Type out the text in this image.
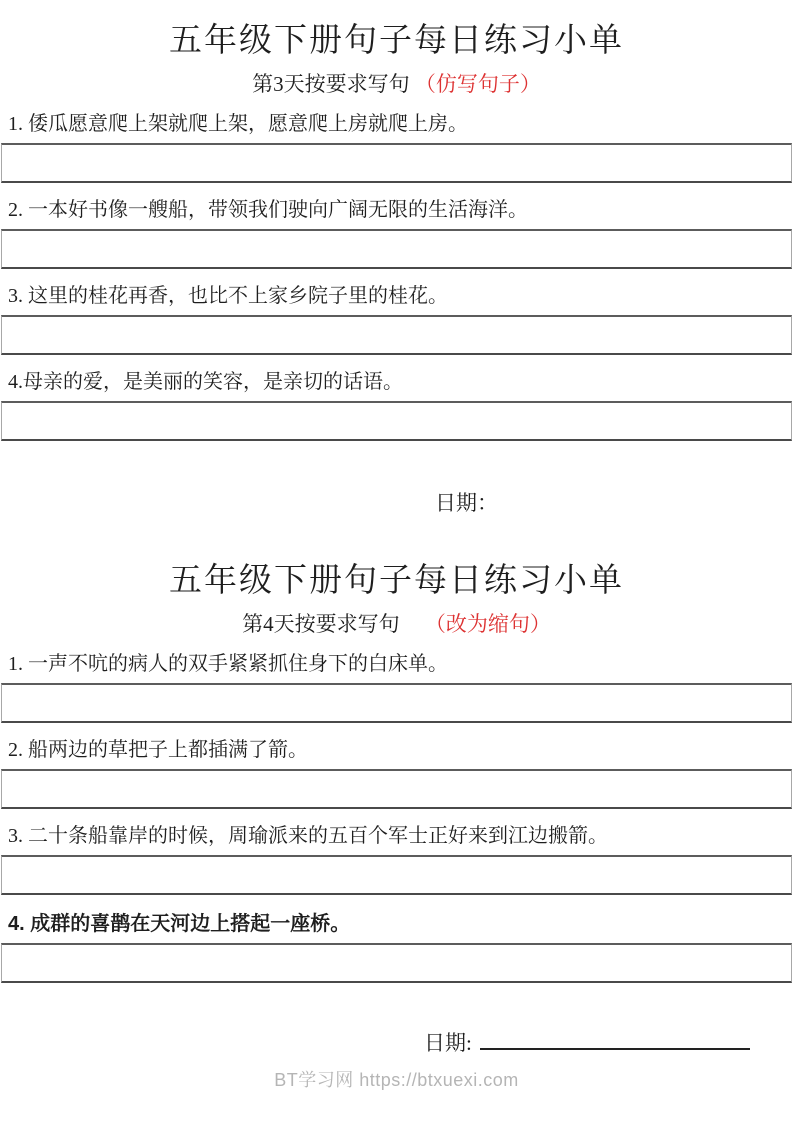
五年级下册句子每日练习小单
第3天按要求写句 （仿写句子）

1. 倭瓜愿意爬上架就爬上架，愿意爬上房就爬上房。

2. 一本好书像一艘船，带领我们驶向广阔无限的生活海洋。

3. 这里的桂花再香，也比不上家乡院子里的桂花。

4.母亲的爱，是美丽的笑容，是亲切的话语。

日期：
五年级下册句子每日练习小单
第4天按要求写句 （改为缩句）

1. 一声不吭的病人的双手紧紧抓住身下的白床单。

2. 船两边的草把子上都插满了箭。

3. 二十条船靠岸的时候，周瑜派来的五百个军士正好来到江边搬箭。

4. 成群的喜鹊在天河边上搭起一座桥。

日期:
BT学习网 https://btxuexi.com
